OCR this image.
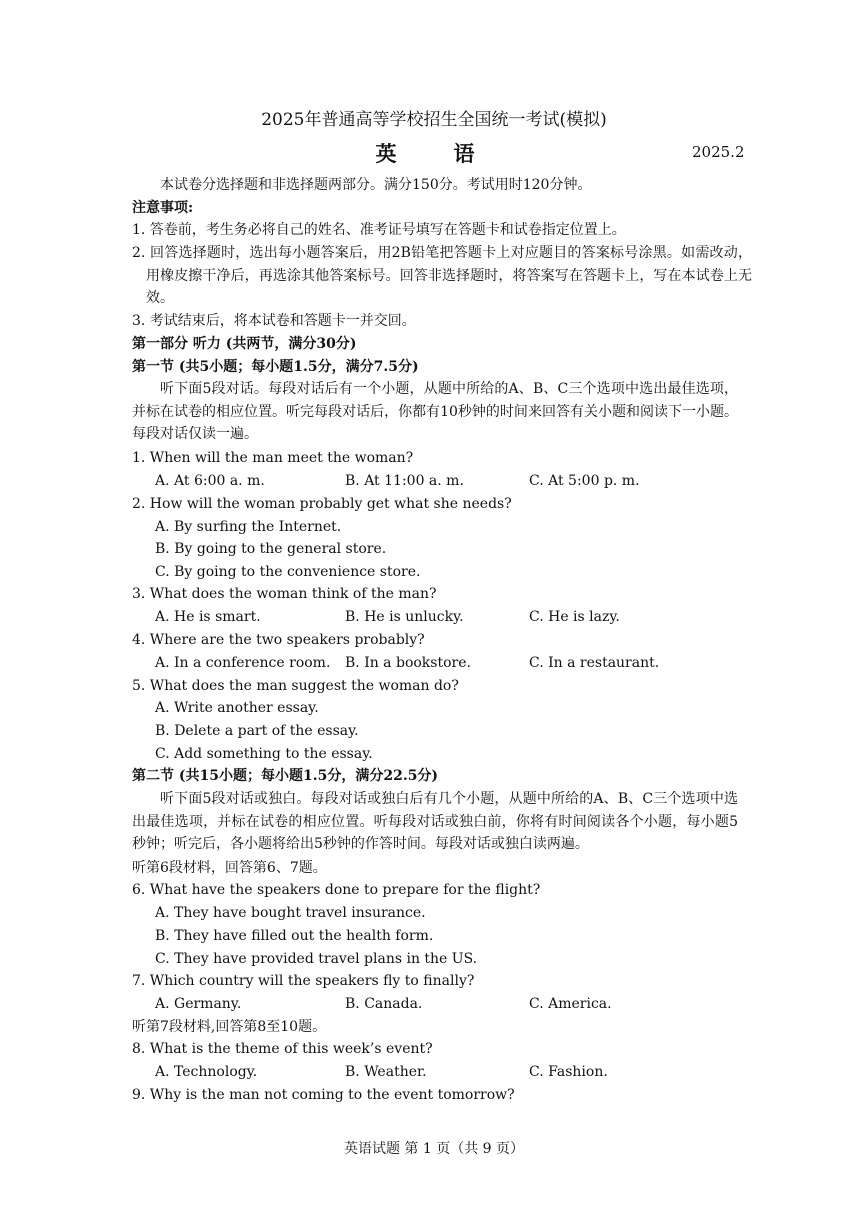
2025年普通高等学校招生全国统一考试(模拟)
英　语	2025.2
本试卷分选择题和非选择题两部分。满分150分。考试用时120分钟。
注意事项:
1. 答卷前，考生务必将自己的姓名、准考证号填写在答题卡和试卷指定位置上。
2. 回答选择题时，选出每小题答案后，用2B铅笔把答题卡上对应题目的答案标号涂黑。如需改动，用橡皮擦干净后，再选涂其他答案标号。回答非选择题时，将答案写在答题卡上，写在本试卷上无效。
3. 考试结束后，将本试卷和答题卡一并交回。
第一部分 听力 (共两节，满分30分)
第一节 (共5小题；每小题1.5分，满分7.5分)
听下面5段对话。每段对话后有一个小题，从题中所给的A、B、C三个选项中选出最佳选项，并标在试卷的相应位置。听完每段对话后，你都有10秒钟的时间来回答有关小题和阅读下一小题。每段对话仅读一遍。
1. When will the man meet the woman?
A. At 6:00 a. m.	B. At 11:00 a. m.	C. At 5:00 p. m.
2. How will the woman probably get what she needs?
A. By surfing the Internet.
B. By going to the general store.
C. By going to the convenience store.
3. What does the woman think of the man?
A. He is smart.	B. He is unlucky.	C. He is lazy.
4. Where are the two speakers probably?
A. In a conference room. B. In a bookstore.	C. In a restaurant.
5. What does the man suggest the woman do?
A. Write another essay.
B. Delete a part of the essay.
C. Add something to the essay.
第二节 (共15小题；每小题1.5分，满分22.5分)
听下面5段对话或独白。每段对话或独白后有几个小题，从题中所给的A、B、C三个选项中选出最佳选项，并标在试卷的相应位置。听每段对话或独白前，你将有时间阅读各个小题，每小题5秒钟；听完后，各小题将给出5秒钟的作答时间。每段对话或独白读两遍。
听第6段材料，回答第6、7题。
6. What have the speakers done to prepare for the flight?
A. They have bought travel insurance.
B. They have filled out the health form.
C. They have provided travel plans in the US.
7. Which country will the speakers fly to finally?
A. Germany.	B. Canada.	C. America.
听第7段材料,回答第8至10题。
8. What is the theme of this week’s event?
A. Technology.	B. Weather.	C. Fashion.
9. Why is the man not coming to the event tomorrow?
英语试题 第 1 页（共 9 页）
